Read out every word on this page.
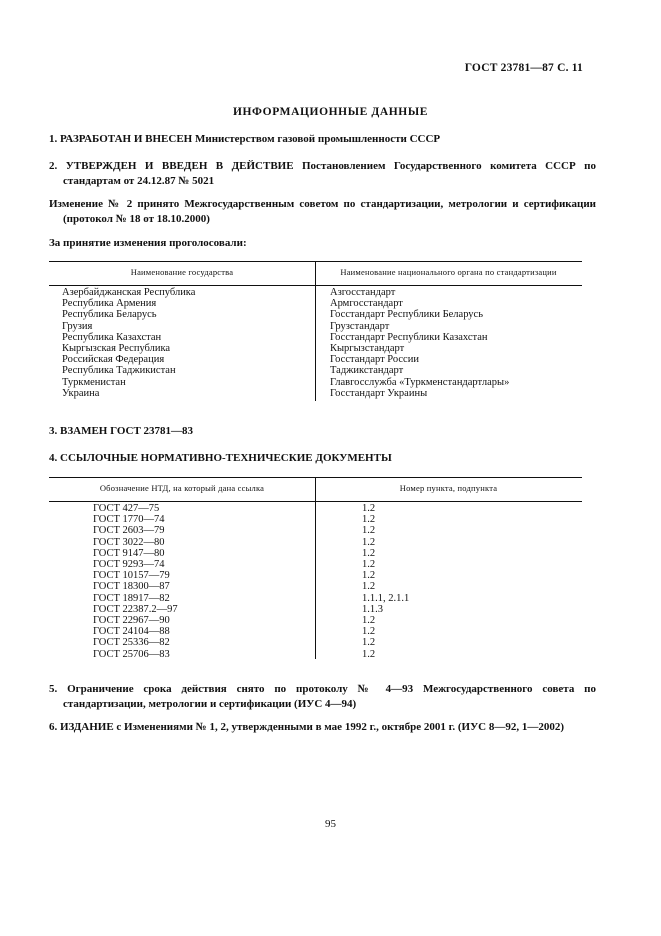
ГОСТ 23781—87 С. 11
ИНФОРМАЦИОННЫЕ ДАННЫЕ
1. РАЗРАБОТАН И ВНЕСЕН Министерством газовой промышленности СССР
2. УТВЕРЖДЕН И ВВЕДЕН В ДЕЙСТВИЕ Постановлением Государственного комитета СССР по стандартам от 24.12.87 № 5021
Изменение № 2 принято Межгосударственным советом по стандартизации, метрологии и сертификации (протокол № 18 от 18.10.2000)
За принятие изменения проголосовали:
Наименование государства	Наименование национального органа по стандартизации
Азербайджанская Республика
Республика Армения
Республика Беларусь
Грузия
Республика Казахстан
Кыргызская Республика
Российская Федерация
Республика Таджикистан
Туркменистан
Украина
Азгосстандарт
Армгосстандарт
Госстандарт Республики Беларусь
Грузстандарт
Госстандарт Республики Казахстан
Кыргызстандарт
Госстандарт России
Таджикстандарт
Главгосслужба «Туркменстандартлары»
Госстандарт Украины
3. ВЗАМЕН ГОСТ 23781—83
4. ССЫЛОЧНЫЕ НОРМАТИВНО-ТЕХНИЧЕСКИЕ ДОКУМЕНТЫ
Обозначение НТД, на который дана ссылка	Номер пункта, подпункта
ГОСТ 427—75
ГОСТ 1770—74
ГОСТ 2603—79
ГОСТ 3022—80
ГОСТ 9147—80
ГОСТ 9293—74
ГОСТ 10157—79
ГОСТ 18300—87
ГОСТ 18917—82
ГОСТ 22387.2—97
ГОСТ 22967—90
ГОСТ 24104—88
ГОСТ 25336—82
ГОСТ 25706—83
1.2
1.2
1.2
1.2
1.2
1.2
1.2
1.2
1.1.1, 2.1.1
1.1.3
1.2
1.2
1.2
1.2
5. Ограничение срока действия снято по протоколу № 4—93 Межгосударственного совета по стандартизации, метрологии и сертификации (ИУС 4—94)
6. ИЗДАНИЕ с Изменениями № 1, 2, утвержденными в мае 1992 г., октябре 2001 г. (ИУС 8—92, 1—2002)
95
